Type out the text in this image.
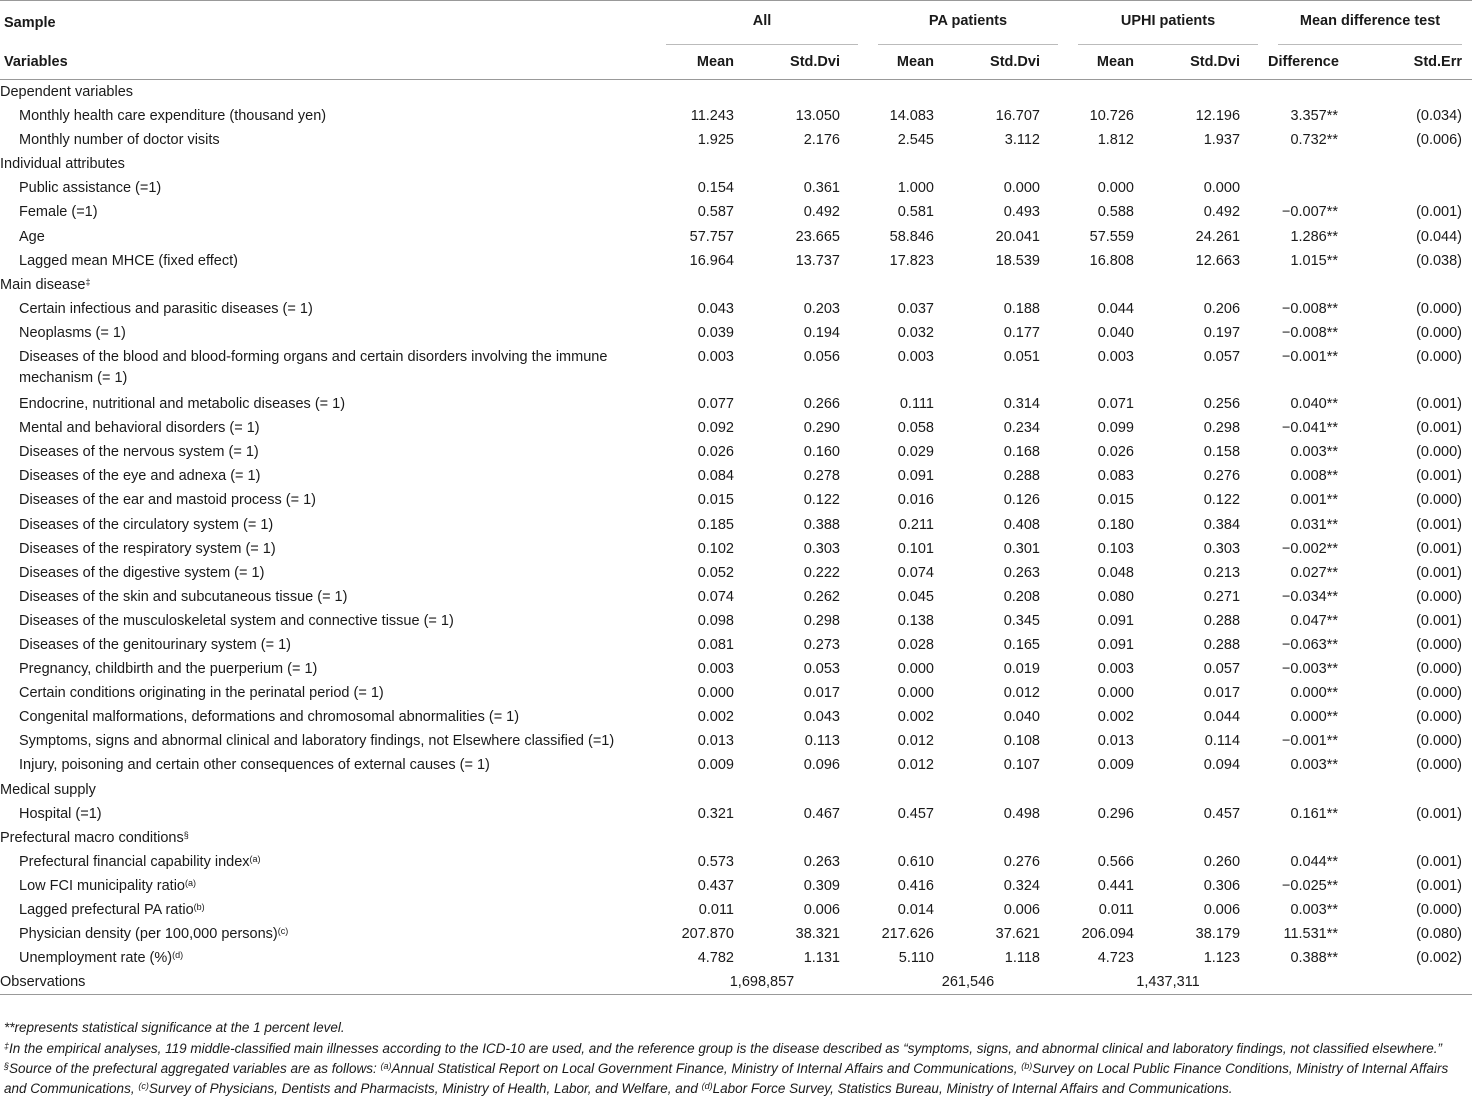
Sample	All		PA patients		UPHI patients		Mean difference test	

Variables	Mean	Std.Dvi	Mean	Std.Dvi	Mean	Std.Dvi	Difference	Std.Err
Dependent variables								
Monthly health care expenditure (thousand yen)	11.243	13.050	14.083	16.707	10.726	12.196	3.357**	(0.034)
Monthly number of doctor visits	1.925	2.176	2.545	3.112	1.812	1.937	0.732**	(0.006)
Individual attributes								
Public assistance (=1)	0.154	0.361	1.000	0.000	0.000	0.000		
Female (=1)	0.587	0.492	0.581	0.493	0.588	0.492	−0.007**	(0.001)
Age	57.757	23.665	58.846	20.041	57.559	24.261	1.286**	(0.044)
Lagged mean MHCE (fixed effect)	16.964	13.737	17.823	18.539	16.808	12.663	1.015**	(0.038)
Main disease‡
Certain infectious and parasitic diseases (= 1)	0.043	0.203	0.037	0.188	0.044	0.206	−0.008**	(0.000)
Neoplasms (= 1)	0.039	0.194	0.032	0.177	0.040	0.197	−0.008**	(0.000)
Diseases of the blood and blood-forming organs and certain disorders involving the immune mechanism (= 1)	0.003	0.056	0.003	0.051	0.003	0.057	−0.001**	(0.000)
Endocrine, nutritional and metabolic diseases (= 1)	0.077	0.266	0.111	0.314	0.071	0.256	0.040**	(0.001)
Mental and behavioral disorders (= 1)	0.092	0.290	0.058	0.234	0.099	0.298	−0.041**	(0.001)
Diseases of the nervous system (= 1)	0.026	0.160	0.029	0.168	0.026	0.158	0.003**	(0.000)
Diseases of the eye and adnexa (= 1)	0.084	0.278	0.091	0.288	0.083	0.276	0.008**	(0.001)
Diseases of the ear and mastoid process (= 1)	0.015	0.122	0.016	0.126	0.015	0.122	0.001**	(0.000)
Diseases of the circulatory system (= 1)	0.185	0.388	0.211	0.408	0.180	0.384	0.031**	(0.001)
Diseases of the respiratory system (= 1)	0.102	0.303	0.101	0.301	0.103	0.303	−0.002**	(0.001)
Diseases of the digestive system (= 1)	0.052	0.222	0.074	0.263	0.048	0.213	0.027**	(0.001)
Diseases of the skin and subcutaneous tissue (= 1)	0.074	0.262	0.045	0.208	0.080	0.271	−0.034**	(0.000)
Diseases of the musculoskeletal system and connective tissue (= 1)	0.098	0.298	0.138	0.345	0.091	0.288	0.047**	(0.001)
Diseases of the genitourinary system (= 1)	0.081	0.273	0.028	0.165	0.091	0.288	−0.063**	(0.000)
Pregnancy, childbirth and the puerperium (= 1)	0.003	0.053	0.000	0.019	0.003	0.057	−0.003**	(0.000)
Certain conditions originating in the perinatal period (= 1)	0.000	0.017	0.000	0.012	0.000	0.017	0.000**	(0.000)
Congenital malformations, deformations and chromosomal abnormalities (= 1)	0.002	0.043	0.002	0.040	0.002	0.044	0.000**	(0.000)
Symptoms, signs and abnormal clinical and laboratory findings, not Elsewhere classified (=1)	0.013	0.113	0.012	0.108	0.013	0.114	−0.001**	(0.000)
Injury, poisoning and certain other consequences of external causes (= 1)	0.009	0.096	0.012	0.107	0.009	0.094	0.003**	(0.000)
Medical supply								
Hospital (=1)	0.321	0.467	0.457	0.498	0.296	0.457	0.161**	(0.001)
Prefectural macro conditions§
Prefectural financial capability index$^{(a)}$	0.573	0.263	0.610	0.276	0.566	0.260	0.044**	(0.001)
Low FCI municipality ratio$^{(a)}$	0.437	0.309	0.416	0.324	0.441	0.306	−0.025**	(0.001)
Lagged prefectural PA ratio$^{(b)}$	0.011	0.006	0.014	0.006	0.011	0.006	0.003**	(0.000)
Physician density (per 100,000 persons)$^{(c)}$	207.870	38.321	217.626	37.621	206.094	38.179	11.531**	(0.080)
Unemployment rate (%)$^{(d)}$	4.782	1.131	5.110	1.118	4.723	1.123	0.388**	(0.002)
Observations	1,698,857		261,546		1,437,311			

**represents statistical significance at the 1 percent level.

‡In the empirical analyses, 119 middle-classified main illnesses according to the ICD-10 are used, and the reference group is the disease described as “symptoms, signs, and abnormal clinical and laboratory findings, not classified elsewhere.”

§Source of the prefectural aggregated variables are as follows: $^{(a)}$Annual Statistical Report on Local Government Finance, Ministry of Internal Affairs and Communications, $^{(b)}$Survey on Local Public Finance Conditions, Ministry of Internal Affairs and Communications, $^{(c)}$Survey of Physicians, Dentists and Pharmacists, Ministry of Health, Labor, and Welfare, and $^{(d)}$Labor Force Survey, Statistics Bureau, Ministry of Internal Affairs and Communications.
